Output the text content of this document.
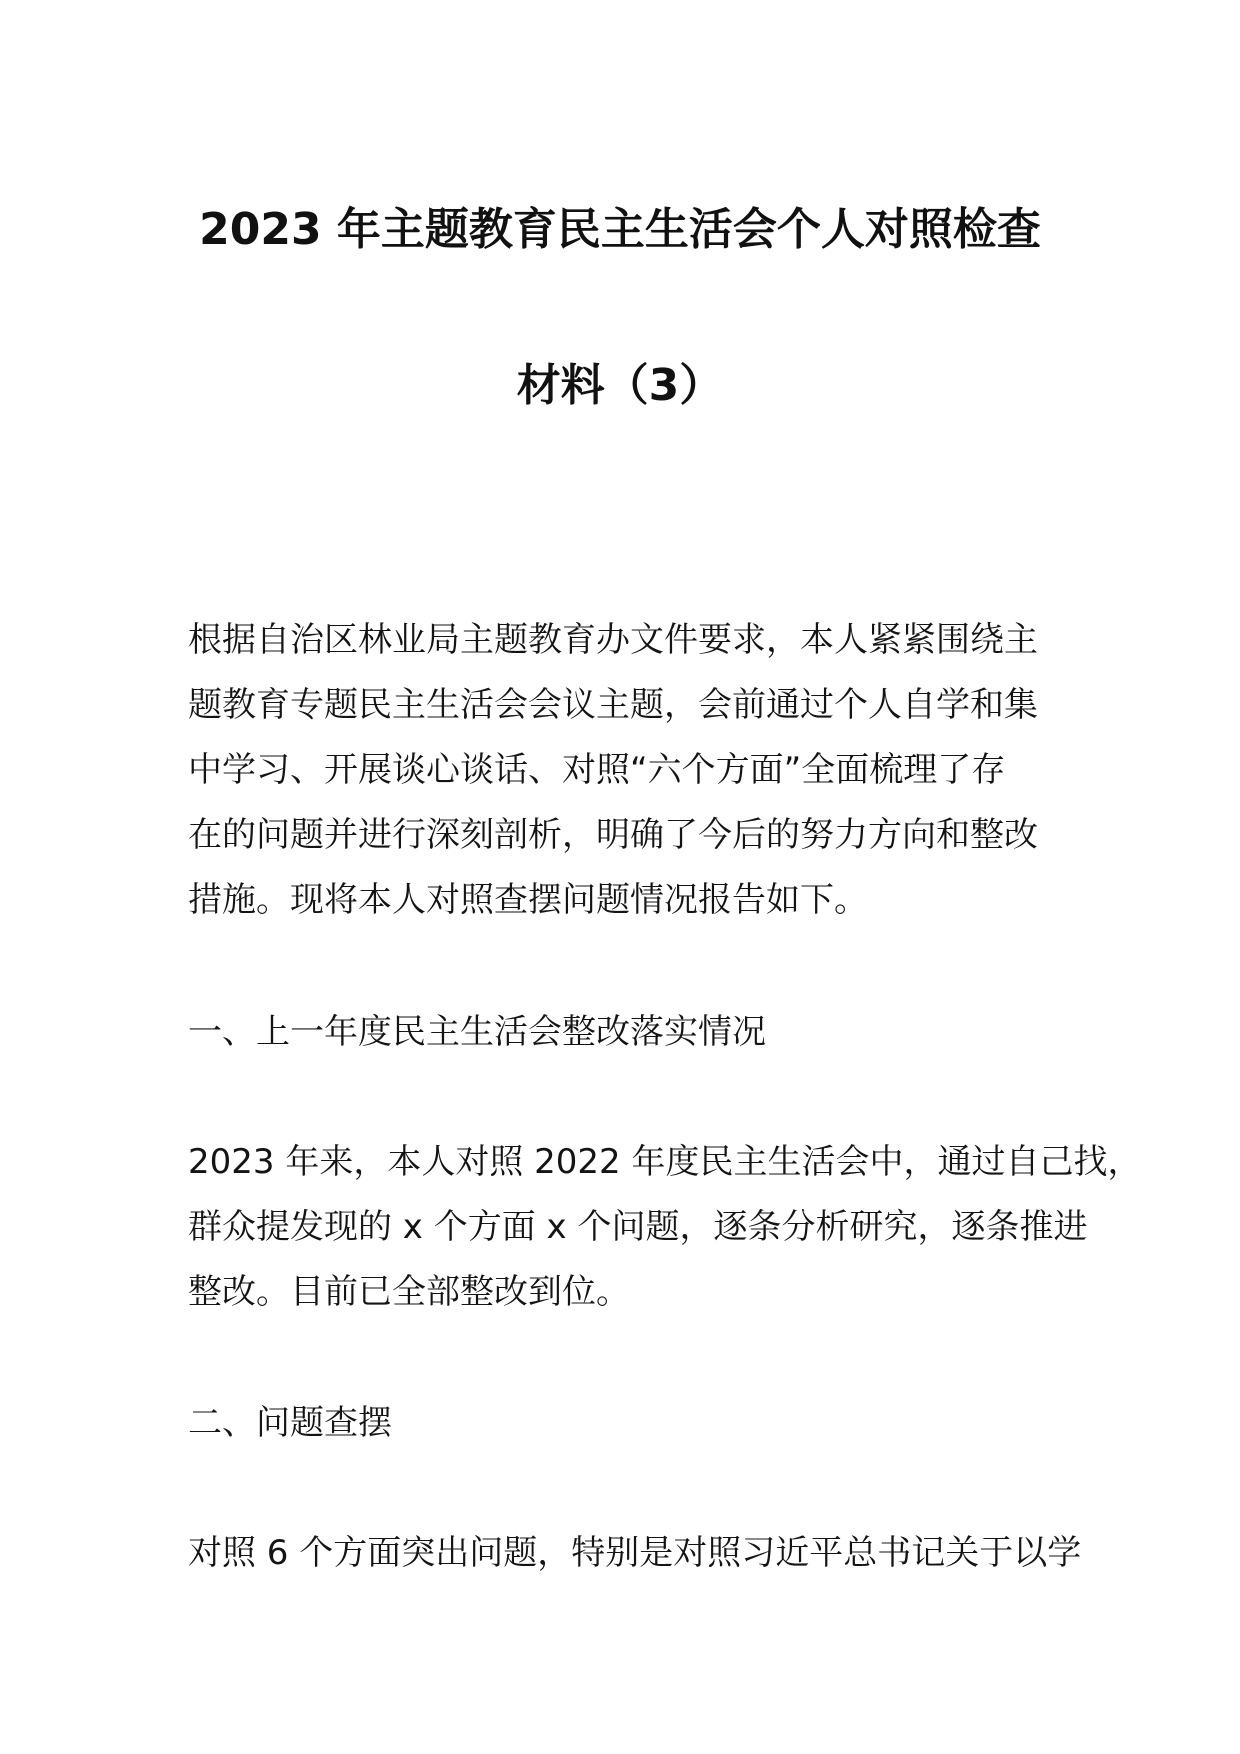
2023 年主题教育民主生活会个人对照检查
材料（3）
根据自治区林业局主题教育办文件要求，本人紧紧围绕主
题教育专题民主生活会会议主题，会前通过个人自学和集
中学习、开展谈心谈话、对照“六个方面”全面梳理了存
在的问题并进行深刻剖析，明确了今后的努力方向和整改
措施。现将本人对照查摆问题情况报告如下。
一、上一年度民主生活会整改落实情况
2023 年来，本人对照 2022 年度民主生活会中，通过自己找，
群众提发现的 x 个方面 x 个问题，逐条分析研究，逐条推进
整改。目前已全部整改到位。
二、问题查摆
对照 6 个方面突出问题，特别是对照习近平总书记关于以学
